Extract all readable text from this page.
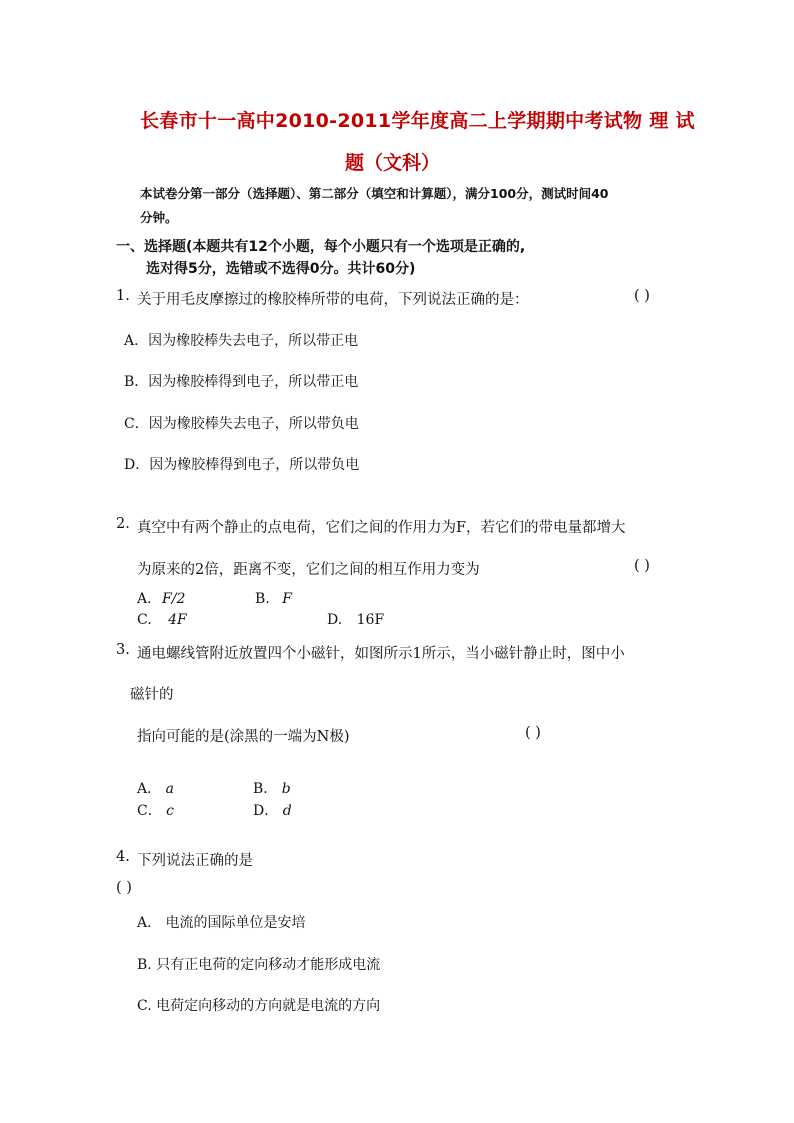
长春市十一高中2010-2011学年度高二上学期期中考试物 理 试
题（文科）
本试卷分第一部分（选择题）、第二部分（填空和计算题），满分100分，测试时间40
分钟。
一、选择题(本题共有12个小题，每个小题只有一个选项是正确的,
选对得5分，选错或不选得0分。共计60分)
1. 关于用毛皮摩擦过的橡胶棒所带的电荷，下列说法正确的是：	( )
A．因为橡胶棒失去电子，所以带正电
B．因为橡胶棒得到电子，所以带正电
C．因为橡胶棒失去电子，所以带负电
D．因为橡胶棒得到电子，所以带负电
2. 真空中有两个静止的点电荷，它们之间的作用力为F，若它们的带电量都增大
为原来的2倍，距离不变，它们之间的相互作用力变为	( )
A. F/2	B. F
C. 4F	D. 16F
3. 通电螺线管附近放置四个小磁针，如图所示1所示，当小磁针静止时，图中小
磁针的
指向可能的是(涂黑的一端为N极)	( )
A． a	B． b
C． c	D． d
4. 下列说法正确的是
( )
A． 电流的国际单位是安培
B. 只有正电荷的定向移动才能形成电流
C. 电荷定向移动的方向就是电流的方向
